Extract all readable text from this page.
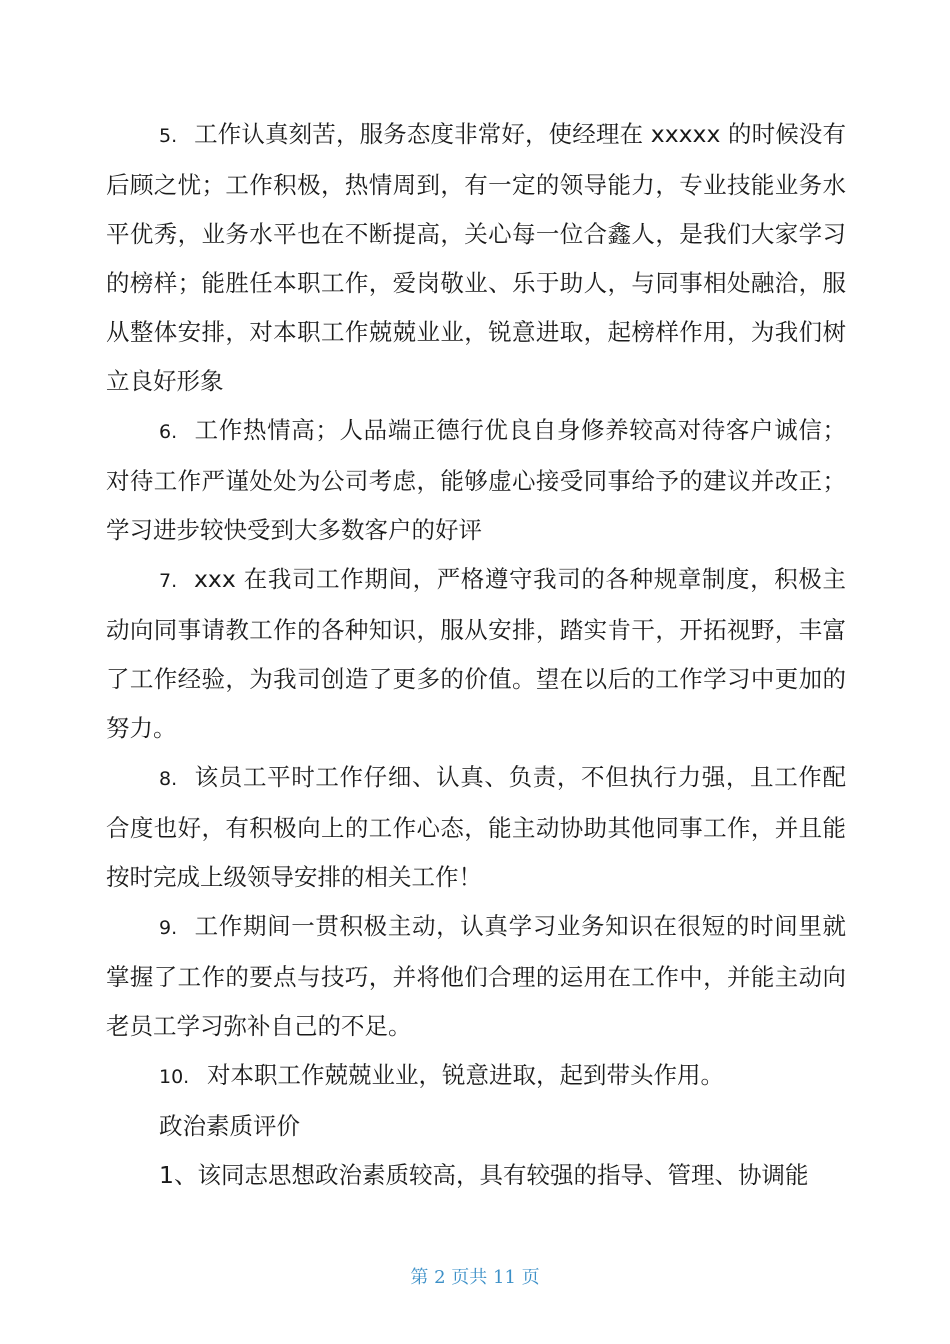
5. 工作认真刻苦，服务态度非常好，使经理在 xxxxx 的时候没有后顾之忧；工作积极，热情周到，有一定的领导能力，专业技能业务水平优秀，业务水平也在不断提高，关心每一位合鑫人，是我们大家学习的榜样；能胜任本职工作，爱岗敬业、乐于助人，与同事相处融洽，服从整体安排，对本职工作兢兢业业，锐意进取，起榜样作用，为我们树立良好形象

6. 工作热情高；人品端正德行优良自身修养较高对待客户诚信；对待工作严谨处处为公司考虑，能够虚心接受同事给予的建议并改正；学习进步较快受到大多数客户的好评

7. xxx 在我司工作期间，严格遵守我司的各种规章制度，积极主动向同事请教工作的各种知识，服从安排，踏实肯干，开拓视野，丰富了工作经验，为我司创造了更多的价值。望在以后的工作学习中更加的努力。

8. 该员工平时工作仔细、认真、负责，不但执行力强，且工作配合度也好，有积极向上的工作心态，能主动协助其他同事工作，并且能按时完成上级领导安排的相关工作！

9. 工作期间一贯积极主动，认真学习业务知识在很短的时间里就掌握了工作的要点与技巧，并将他们合理的运用在工作中，并能主动向老员工学习弥补自己的不足。

10. 对本职工作兢兢业业，锐意进取，起到带头作用。

政治素质评价

1、该同志思想政治素质较高，具有较强的指导、管理、协调能

第 2 页共 11 页
